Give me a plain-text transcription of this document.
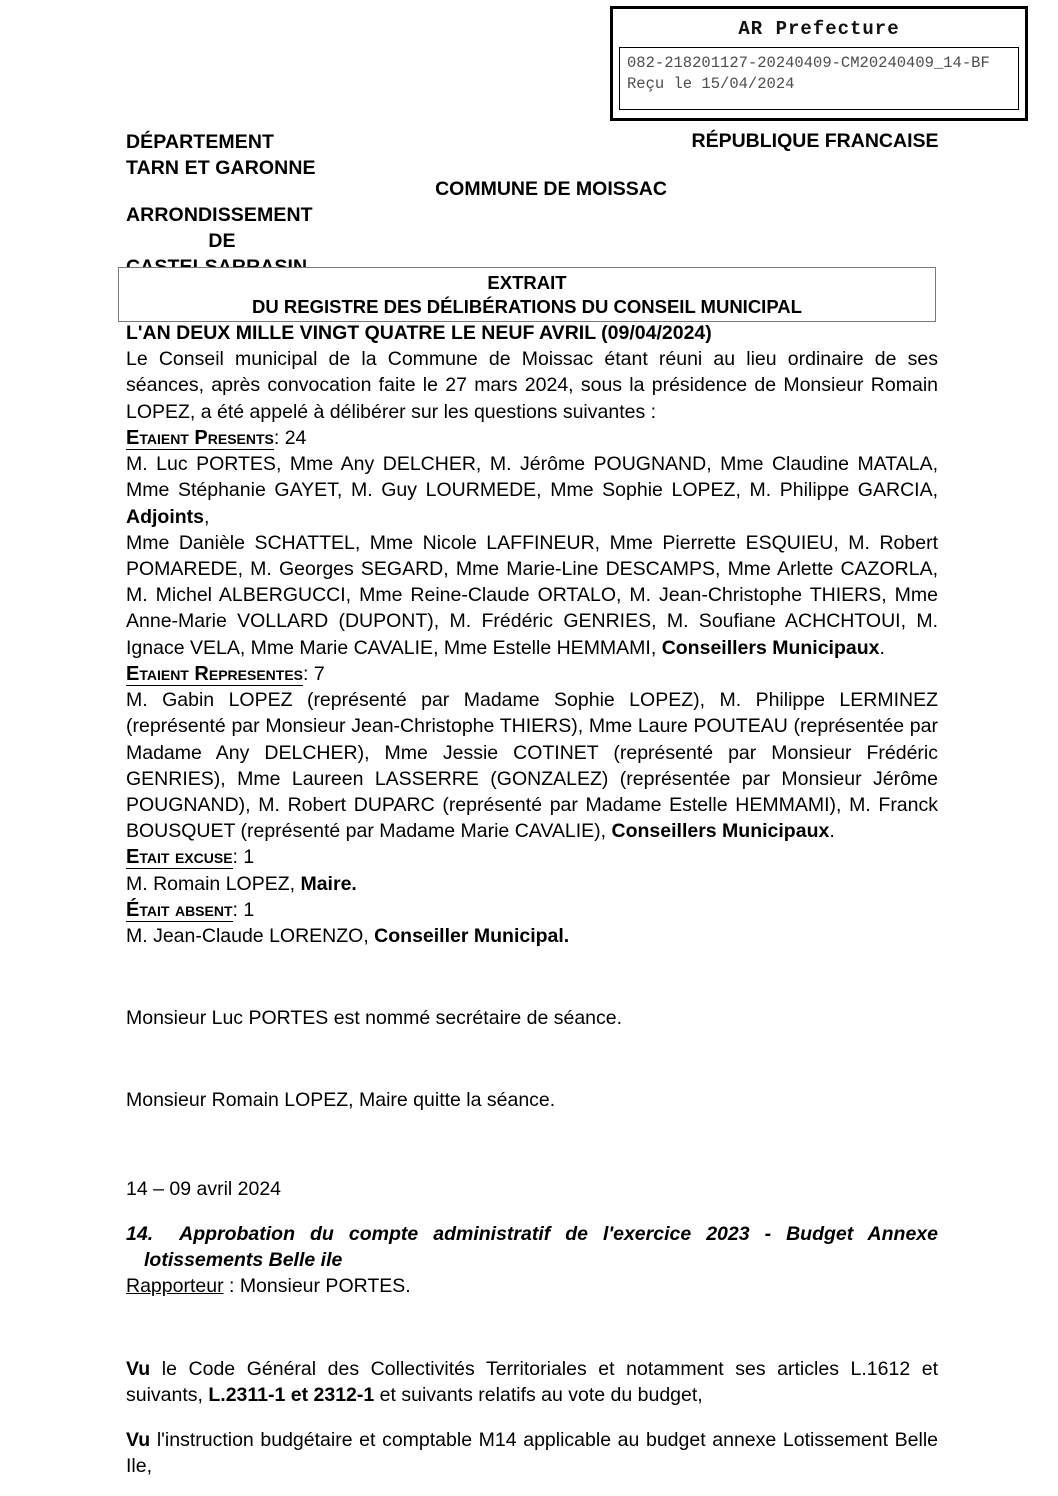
AR Prefecture
082-218201127-20240409-CM20240409_14-BF
Reçu le 15/04/2024
DÉPARTEMENT
TARN ET GARONNE
ARRONDISSEMENT
DE
RÉPUBLIQUE FRANCAISE
COMMUNE DE MOISSAC
EXTRAIT
DU REGISTRE DES DÉLIBÉRATIONS DU CONSEIL MUNICIPAL

L'AN DEUX MILLE VINGT QUATRE LE NEUF AVRIL (09/04/2024)

Le Conseil municipal de la Commune de Moissac étant réuni au lieu ordinaire de ses séances, après convocation faite le 27 mars 2024, sous la présidence de Monsieur Romain LOPEZ, a été appelé à délibérer sur les questions suivantes :

Etaient Presents: 24

M. Luc PORTES, Mme Any DELCHER, M. Jérôme POUGNAND, Mme Claudine MATALA, Mme Stéphanie GAYET, M. Guy LOURMEDE, Mme Sophie LOPEZ, M. Philippe GARCIA, Adjoints,

Mme Danièle SCHATTEL, Mme Nicole LAFFINEUR, Mme Pierrette ESQUIEU, M. Robert POMAREDE, M. Georges SEGARD, Mme Marie-Line DESCAMPS, Mme Arlette CAZORLA, M. Michel ALBERGUCCI, Mme Reine-Claude ORTALO, M. Jean-Christophe THIERS, Mme Anne-Marie VOLLARD (DUPONT), M. Frédéric GENRIES, M. Soufiane ACHCHTOUI, M. Ignace VELA, Mme Marie CAVALIE, Mme Estelle HEMMAMI, Conseillers Municipaux.

Etaient Representes: 7

M. Gabin LOPEZ (représenté par Madame Sophie LOPEZ), M. Philippe LERMINEZ (représenté par Monsieur Jean-Christophe THIERS), Mme Laure POUTEAU (représentée par Madame Any DELCHER), Mme Jessie COTINET (représenté par Monsieur Frédéric GENRIES), Mme Laureen LASSERRE (GONZALEZ) (représentée par Monsieur Jérôme POUGNAND), M. Robert DUPARC (représenté par Madame Estelle HEMMAMI), M. Franck BOUSQUET (représenté par Madame Marie CAVALIE), Conseillers Municipaux.

Etait excuse: 1

M. Romain LOPEZ, Maire.

Était absent: 1

M. Jean-Claude LORENZO, Conseiller Municipal.

Monsieur Luc PORTES est nommé secrétaire de séance.

Monsieur Romain LOPEZ, Maire quitte la séance.

14 – 09 avril 2024

14. Approbation du compte administratif de l'exercice 2023 - Budget Annexe lotissements Belle ile

Rapporteur : Monsieur PORTES.

Vu le Code Général des Collectivités Territoriales et notamment ses articles L.1612 et suivants, L.2311-1 et 2312-1 et suivants relatifs au vote du budget,

Vu l'instruction budgétaire et comptable M14 applicable au budget annexe Lotissement Belle Ile,
